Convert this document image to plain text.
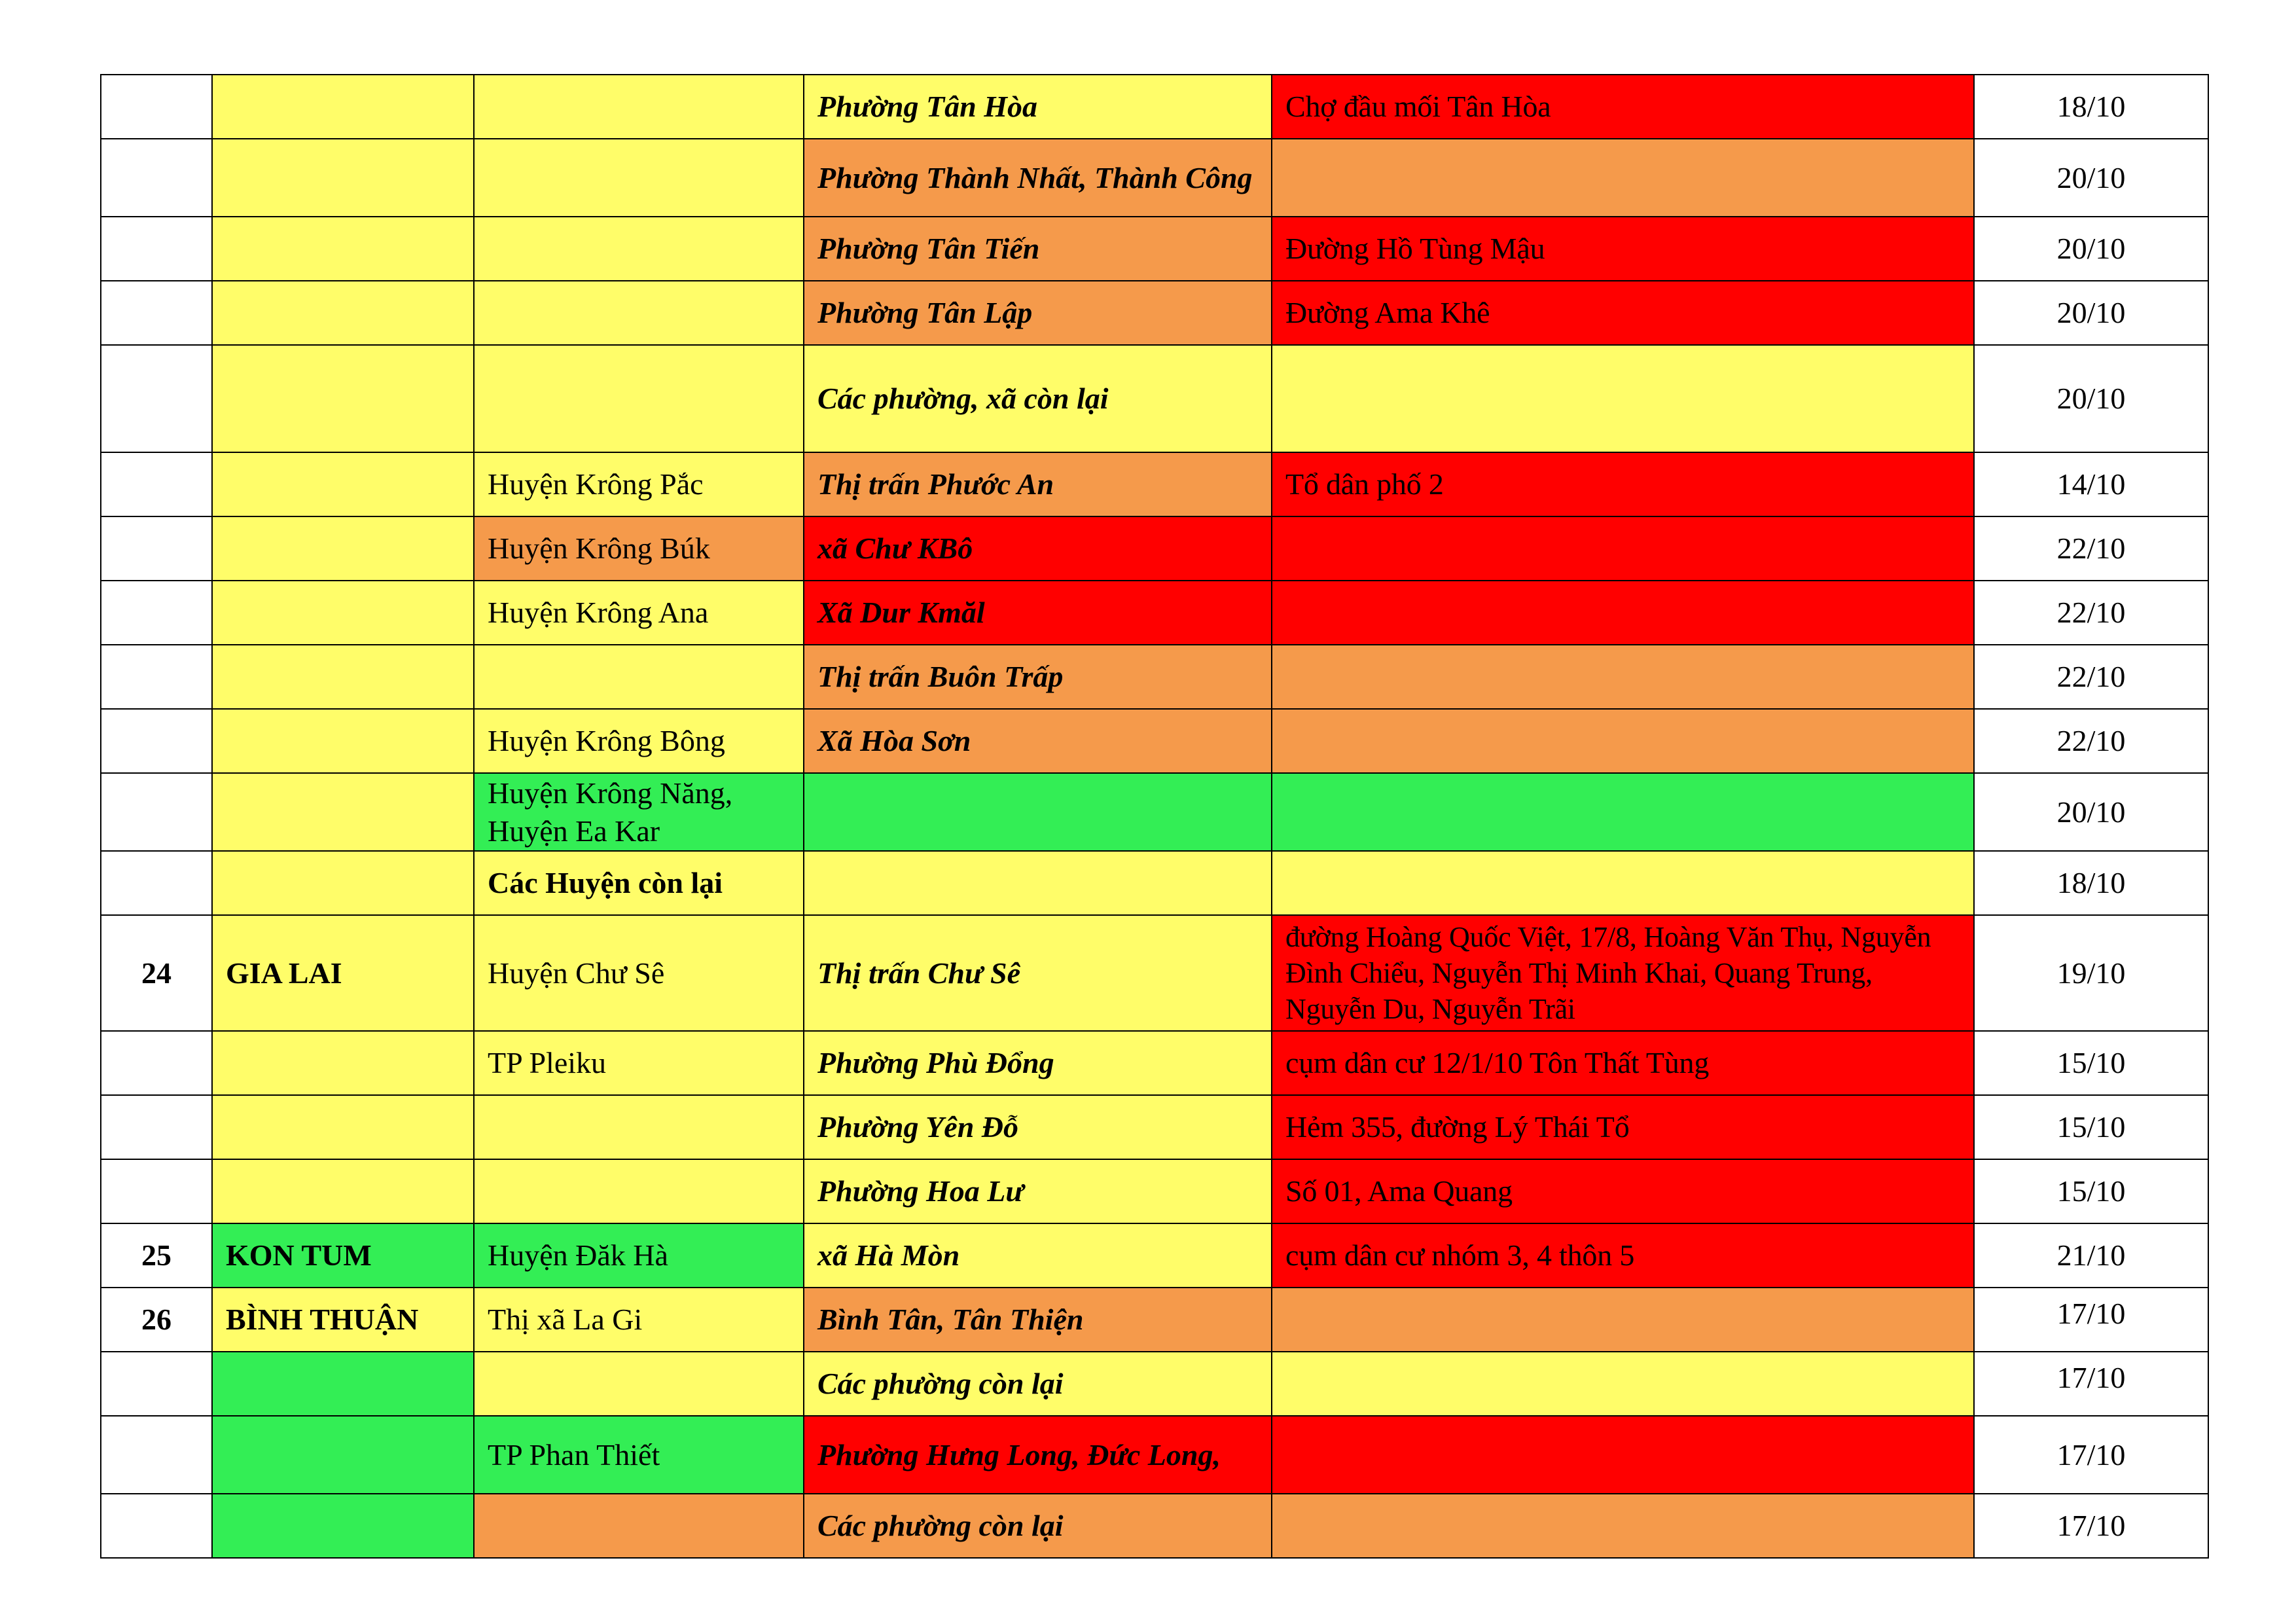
			Phường Tân Hòa	Chợ đầu mối Tân Hòa	18/10
			Phường Thành Nhất, Thành Công		20/10
			Phường Tân Tiến	Đường Hồ Tùng Mậu	20/10
			Phường Tân Lập	Đường Ama Khê	20/10
			Các phường, xã còn lại		20/10
		Huyện Krông Pắc	Thị trấn Phước An	Tổ dân phố 2	14/10
		Huyện Krông Búk	xã Chư KBô		22/10
		Huyện Krông Ana	Xã Dur Kmăl		22/10
			Thị trấn Buôn Trấp		22/10
		Huyện Krông Bông	Xã Hòa Sơn		22/10
		Huyện Krông Năng, Huyện Ea Kar			20/10
		Các Huyện còn lại			18/10
24	GIA LAI	Huyện Chư Sê	Thị trấn Chư Sê	đường Hoàng Quốc Việt, 17/8, Hoàng Văn Thụ, Nguyễn Đình Chiểu, Nguyễn Thị Minh Khai, Quang Trung, Nguyễn Du, Nguyễn Trãi	19/10
		TP Pleiku	Phường Phù Đổng	cụm dân cư 12/1/10 Tôn Thất Tùng	15/10
			Phường Yên Đỗ	Hẻm 355, đường Lý Thái Tổ	15/10
			Phường Hoa Lư	Số 01, Ama Quang	15/10
25	KON TUM	Huyện Đăk Hà	xã Hà Mòn	cụm dân cư nhóm 3, 4 thôn 5	21/10
26	BÌNH THUẬN	Thị xã La Gi	Bình Tân, Tân Thiện		17/10
			Các phường còn lại		17/10
		TP Phan Thiết	Phường Hưng Long, Đức Long,		17/10
			Các phường còn lại		17/10
